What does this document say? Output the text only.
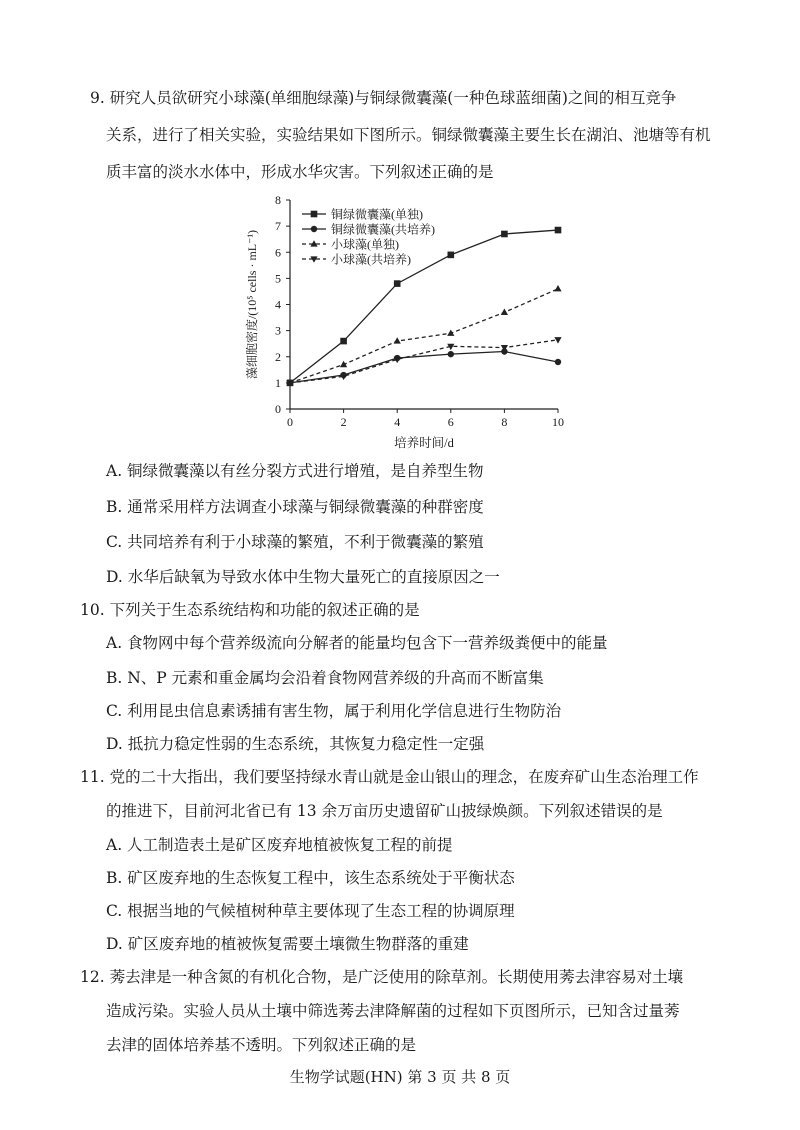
9. 研究人员欲研究小球藻(单细胞绿藻)与铜绿微囊藻(一种色球蓝细菌)之间的相互竞争
关系，进行了相关实验，实验结果如下图所示。铜绿微囊藻主要生长在湖泊、池塘等有机
质丰富的淡水水体中，形成水华灾害。下列叙述正确的是
0	2	4	6	8	10
0
1
2
3
4
5
6
7
8
铜绿微囊藻(单独)
铜绿微囊藻(共培养)
小球藻(单独)
小球藻(共培养)
培养时间/d
藻细胞密度/(10⁵ cells · mL⁻¹)
A. 铜绿微囊藻以有丝分裂方式进行增殖，是自养型生物
B. 通常采用样方法调查小球藻与铜绿微囊藻的种群密度
C. 共同培养有利于小球藻的繁殖，不利于微囊藻的繁殖
D. 水华后缺氧为导致水体中生物大量死亡的直接原因之一
10. 下列关于生态系统结构和功能的叙述正确的是
A. 食物网中每个营养级流向分解者的能量均包含下一营养级粪便中的能量
B. N、P 元素和重金属均会沿着食物网营养级的升高而不断富集
C. 利用昆虫信息素诱捕有害生物，属于利用化学信息进行生物防治
D. 抵抗力稳定性弱的生态系统，其恢复力稳定性一定强
11. 党的二十大指出，我们要坚持绿水青山就是金山银山的理念，在废弃矿山生态治理工作
的推进下，目前河北省已有 13 余万亩历史遗留矿山披绿焕颜。下列叙述错误的是
A. 人工制造表土是矿区废弃地植被恢复工程的前提
B. 矿区废弃地的生态恢复工程中，该生态系统处于平衡状态
C. 根据当地的气候植树种草主要体现了生态工程的协调原理
D. 矿区废弃地的植被恢复需要土壤微生物群落的重建
12. 莠去津是一种含氮的有机化合物，是广泛使用的除草剂。长期使用莠去津容易对土壤
造成污染。实验人员从土壤中筛选莠去津降解菌的过程如下页图所示，已知含过量莠
去津的固体培养基不透明。下列叙述正确的是
生物学试题(HN) 第 3 页 共 8 页
